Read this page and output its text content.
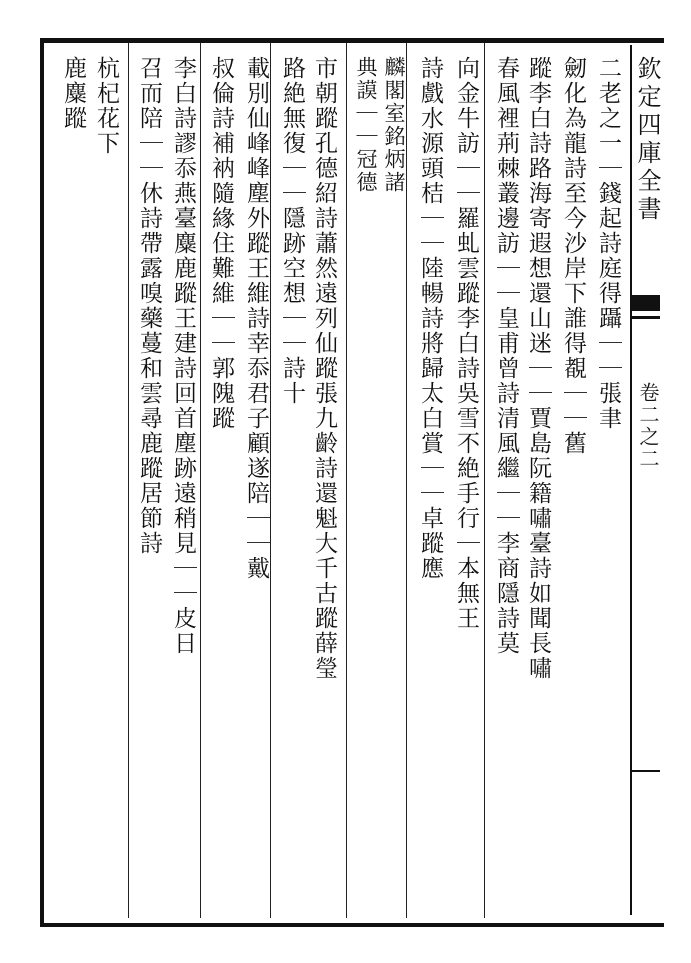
欽定四庫全書
卷二之二
二老之一｜錢起詩庭得躡｜｜張聿
劒化為龍詩至今沙岸下誰得覩｜｜舊
蹤李白詩路海寄遐想還山迷｜｜賈島阮籍嘯臺詩如聞長嘯
春風裡荊棘叢邊訪｜｜皇甫曾詩清風繼｜｜李商隱詩莫
向金牛訪｜｜羅虬雲蹤李白詩吳雪不絶手行｜本無王
詩戲水源頭桔｜｜陸暢詩將歸太白賞｜｜卓蹤應
麟閣室銘炳諸
典謨｜｜冠德
市朝蹤孔德紹詩蕭然遠列仙蹤張九齡詩還魁大千古蹤薛瑩
路絶無復｜｜隱跡空想｜｜詩十
載別仙峰峰塵外蹤王維詩幸忝君子顧遂陪｜｜戴
叔倫詩補衲隨緣住難維｜｜郭隗蹤
李白詩謬忝燕臺麋鹿蹤王建詩回首塵跡遠稍見｜｜皮日
召而陪｜｜休詩帶露嗅藥蔓和雲尋鹿蹤居節詩
杭杞花下
鹿麋蹤
